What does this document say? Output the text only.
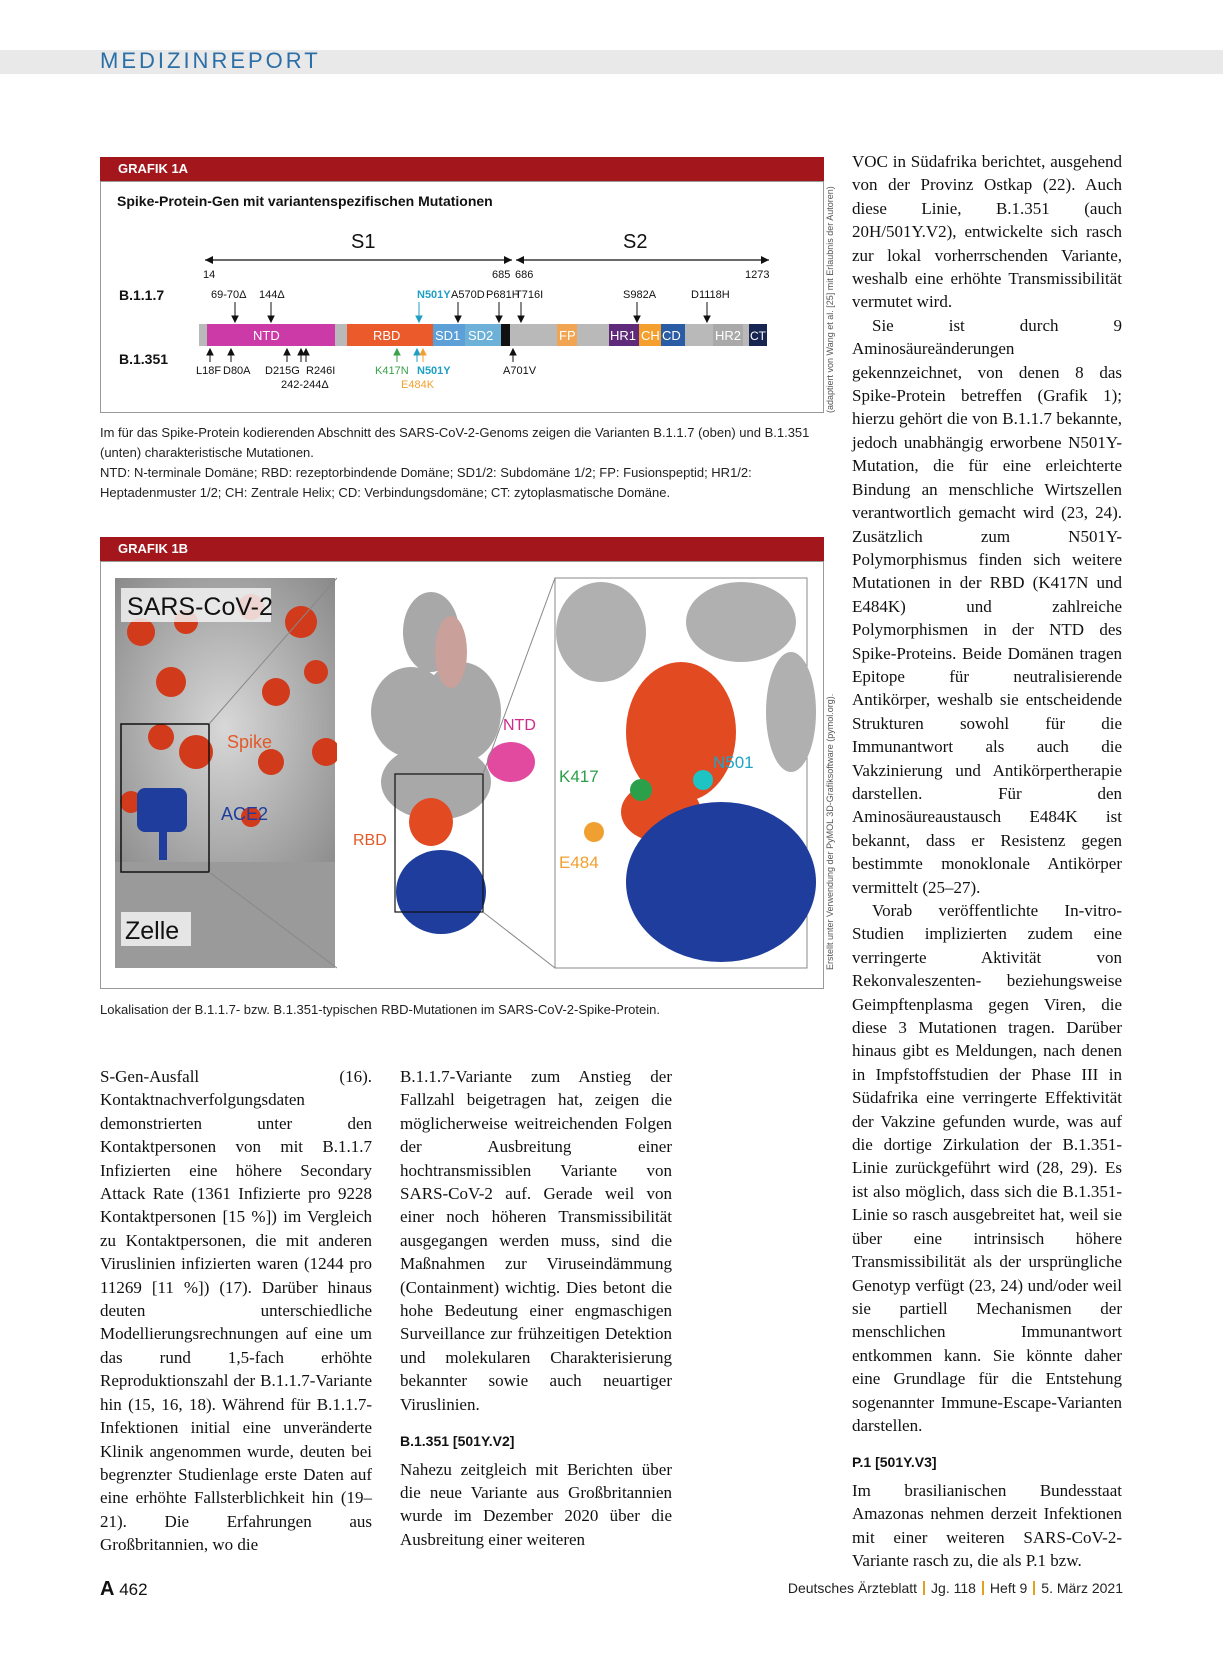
MEDIZINREPORT
GRAFIK 1A
Spike-Protein-Gen mit variantenspezifischen Mutationen
S1	S2
14	685 686	1273
B.1.1.7
B.1.351
69-70Δ 144Δ	N501Y A570D P681H
T716I	S982A	D1118H
NTD	RBD	SD1 SD2	FP	HR1 CH CD	HR2 CT
L18F D80A D215G R246I
242-244Δ
K417N N501Y
E484K
A701V	(adaptiert von Wang et al. [25] mit Erlaubnis der Autoren)
Im für das Spike-Protein kodierenden Abschnitt des SARS-CoV-2-Genoms zeigen die Varianten B.1.1.7 (oben) und B.1.351 (unten) charakteristische Mutationen.
NTD: N-terminale Domäne; RBD: rezeptorbindende Domäne; SD1/2: Subdomäne 1/2; FP: Fusionspeptid; HR1/2: Heptadenmuster 1/2; CH: Zentrale Helix; CD: Verbindungsdomäne; CT: zytoplasmatische Domäne.
GRAFIK 1B
SARS-CoV-2
Spike
ACE2
Zelle
NTD
RBD
K417
N501
E484	Erstellt unter Verwendung der PyMOL 3D-Grafiksoftware (pymol.org).
Lokalisation der B.1.1.7- bzw. B.1.351-typischen RBD-Mutationen im SARS-CoV-2-Spike-Protein.

VOC in Südafrika berichtet, ausgehend von der Provinz Ostkap (22). Auch diese Linie, B.1.351 (auch 20H/501Y.V2), entwickelte sich rasch zur lokal vorherrschenden Variante, weshalb eine erhöhte Transmissibilität vermutet wird.

Sie ist durch 9 Aminosäureänderungen gekennzeichnet, von denen 8 das Spike-Protein betreffen (Grafik 1); hierzu gehört die von B.1.1.7 bekannte, jedoch unabhängig erworbene N501Y-Mutation, die für eine erleichterte Bindung an menschliche Wirtszellen verantwortlich gemacht wird (23, 24). Zusätzlich zum N501Y-Polymorphismus finden sich weitere Mutationen in der RBD (K417N und E484K) und zahlreiche Polymorphismen in der NTD des Spike-Proteins. Beide Domänen tragen Epitope für neutralisierende Antikörper, weshalb sie entscheidende Strukturen sowohl für die Immunantwort als auch die Vakzinierung und Antikörpertherapie darstellen. Für den Aminosäureaustausch E484K ist bekannt, dass er Resistenz gegen bestimmte monoklonale Antikörper vermittelt (25–27).

Vorab veröffentlichte In-vitro-Studien implizierten zudem eine verringerte Aktivität von Rekonvaleszenten- beziehungsweise Geimpftenplasma gegen Viren, die diese 3 Mutationen tragen. Darüber hinaus gibt es Meldungen, nach denen in Impfstoffstudien der Phase III in Südafrika eine verringerte Effektivität der Vakzine gefunden wurde, was auf die dortige Zirkulation der B.1.351-Linie zurückgeführt wird (28, 29). Es ist also möglich, dass sich die B.1.351-Linie so rasch ausgebreitet hat, weil sie über eine intrinsisch höhere Transmissibilität als der ursprüngliche Genotyp verfügt (23, 24) und/oder weil sie partiell Mechanismen der menschlichen Immunantwort entkommen kann. Sie könnte daher eine Grundlage für die Entstehung sogenannter Immune-Escape-Varianten darstellen.

P.1 [501Y.V3]

Im brasilianischen Bundesstaat Amazonas nehmen derzeit Infektionen mit einer weiteren SARS-CoV-2-Variante rasch zu, die als P.1 bzw.

S-Gen-Ausfall (16). Kontaktnachverfolgungsdaten demonstrierten unter den Kontaktpersonen von mit B.1.1.7 Infizierten eine höhere Secondary Attack Rate (1361 Infizierte pro 9228 Kontaktpersonen [15 %]) im Vergleich zu Kontaktpersonen, die mit anderen Viruslinien infizierten waren (1244 pro 11269 [11 %]) (17). Darüber hinaus deuten unterschiedliche Modellierungsrechnungen auf eine um das rund 1,5-fach erhöhte Reproduktionszahl der B.1.1.7-Variante hin (15, 16, 18). Während für B.1.1.7-Infektionen initial eine unveränderte Klinik angenommen wurde, deuten bei begrenzter Studienlage erste Daten auf eine erhöhte Fallsterblichkeit hin (19–21). Die Erfahrungen aus Großbritannien, wo die

B.1.1.7-Variante zum Anstieg der Fallzahl beigetragen hat, zeigen die möglicherweise weitreichenden Folgen der Ausbreitung einer hochtransmissiblen Variante von SARS-CoV-2 auf. Gerade weil von einer noch höheren Transmissibilität ausgegangen werden muss, sind die Maßnahmen zur Viruseindämmung (Containment) wichtig. Dies betont die hohe Bedeutung einer engmaschigen Surveillance zur frühzeitigen Detektion und molekularen Charakterisierung bekannter sowie auch neuartiger Viruslinien.

B.1.351 [501Y.V2]

Nahezu zeitgleich mit Berichten über die neue Variante aus Großbritannien wurde im Dezember 2020 über die Ausbreitung einer weiteren

A 462	Deutsches Ärzteblatt Jg. 118 Heft 9 5. März 2021
